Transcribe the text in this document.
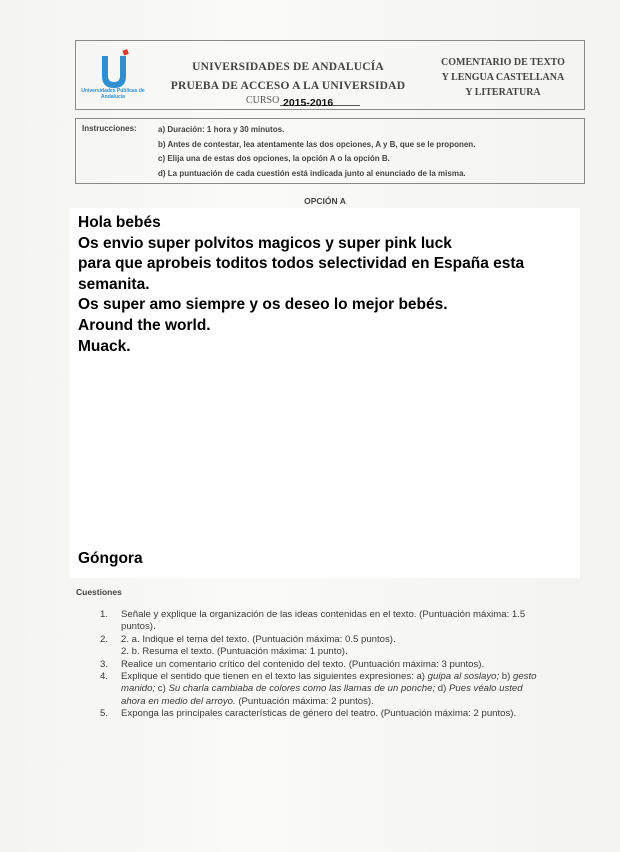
Universidades Públicas de Andalucía
UNIVERSIDADES DE ANDALUCÍA
PRUEBA DE ACCESO A LA UNIVERSIDAD
CURSO 2015-2016
COMENTARIO DE TEXTO
Y LENGUA CASTELLANA
Y LITERATURA
Instrucciones:	a) Duración: 1 hora y 30 minutos.
b) Antes de contestar, lea atentamente las dos opciones, A y B, que se le proponen.
c) Elija una de estas dos opciones, la opción A o la opción B.
d) La puntuación de cada cuestión está indicada junto al enunciado de la misma.
OPCIÓN A
Hola bebés
Os envio super polvitos magicos y super pink luck
para que aprobeis toditos todos selectividad en España esta
semanita.
Os super amo siempre y os deseo lo mejor bebés.
Around the world.
Muack.
Góngora
Cuestiones
1. Señale y explique la organización de las ideas contenidas en el texto. (Puntuación máxima: 1.5 puntos).
2. 2. a. Indique el tema del texto. (Puntuación máxima: 0.5 puntos).
2. b. Resuma el texto. (Puntuación máxima: 1 punto).
3. Realice un comentario crítico del contenido del texto. (Puntuación máxima: 3 puntos).
4. Explique el sentido que tienen en el texto las siguientes expresiones: a) guipa al soslayo; b) gesto manido; c) Su charla cambiaba de colores como las llamas de un ponche; d) Pues véalo usted ahora en medio del arroyo. (Puntuación máxima: 2 puntos).
5. Exponga las principales características de género del teatro. (Puntuación máxima: 2 puntos).
